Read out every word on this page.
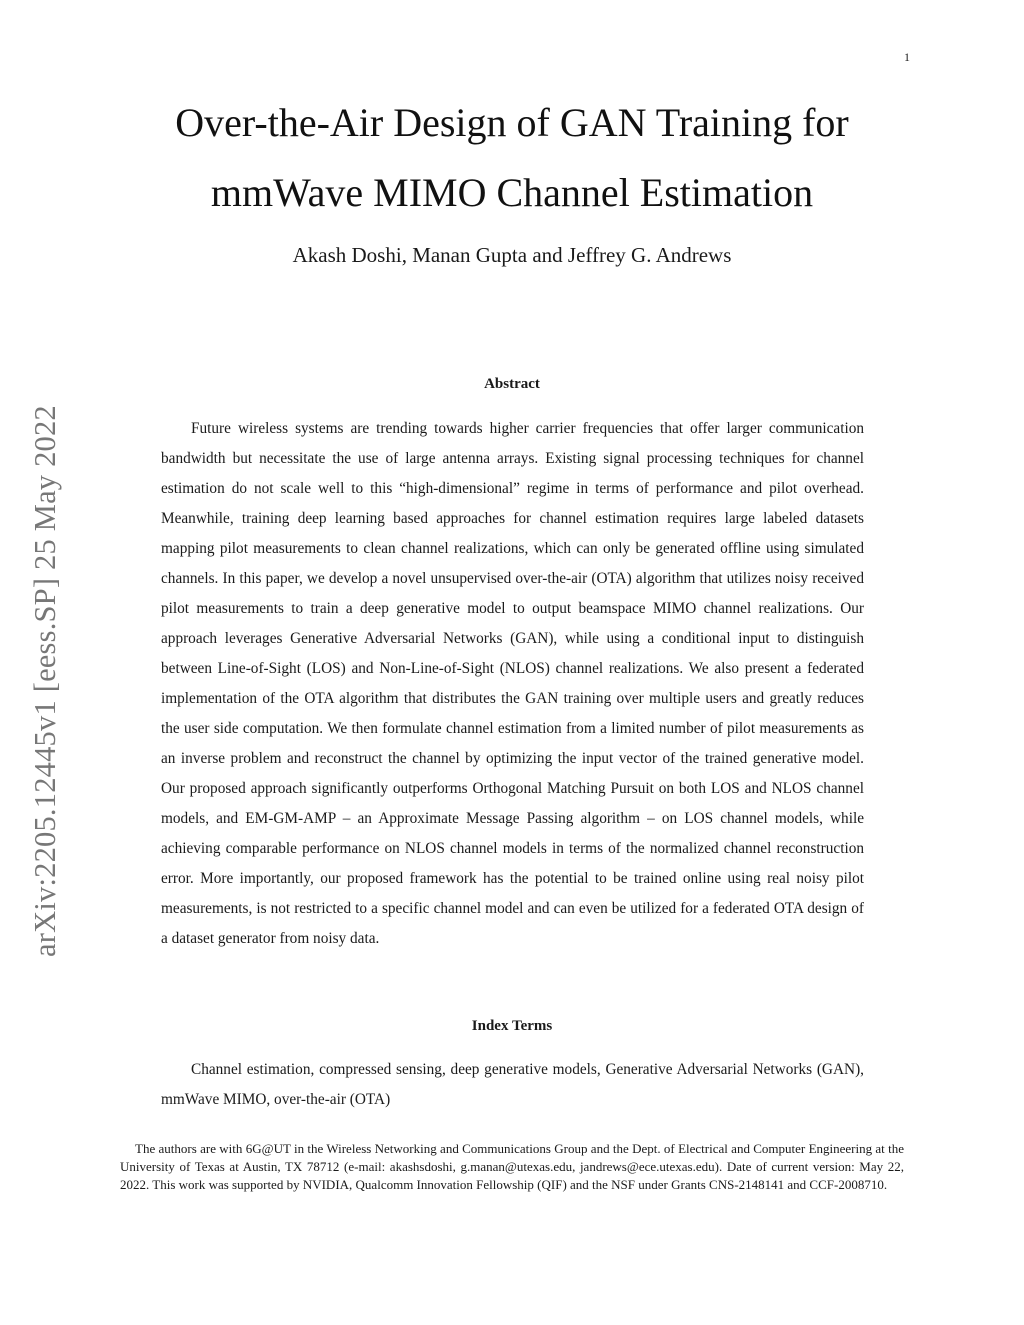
1
arXiv:2205.12445v1 [eess.SP] 25 May 2022
Over-the-Air Design of GAN Training for
mmWave MIMO Channel Estimation
Akash Doshi, Manan Gupta and Jeffrey G. Andrews
Abstract

Future wireless systems are trending towards higher carrier frequencies that offer larger communication bandwidth but necessitate the use of large antenna arrays. Existing signal processing techniques for channel estimation do not scale well to this “high-dimensional” regime in terms of performance and pilot overhead. Meanwhile, training deep learning based approaches for channel estimation requires large labeled datasets mapping pilot measurements to clean channel realizations, which can only be generated offline using simulated channels. In this paper, we develop a novel unsupervised over-the-air (OTA) algorithm that utilizes noisy received pilot measurements to train a deep generative model to output beamspace MIMO channel realizations. Our approach leverages Generative Adversarial Networks (GAN), while using a conditional input to distinguish between Line-of-Sight (LOS) and Non-Line-of-Sight (NLOS) channel realizations. We also present a federated implementation of the OTA algorithm that distributes the GAN training over multiple users and greatly reduces the user side computation. We then formulate channel estimation from a limited number of pilot measurements as an inverse problem and reconstruct the channel by optimizing the input vector of the trained generative model. Our proposed approach significantly outperforms Orthogonal Matching Pursuit on both LOS and NLOS channel models, and EM-GM-AMP – an Approximate Message Passing algorithm – on LOS channel models, while achieving comparable performance on NLOS channel models in terms of the normalized channel reconstruction error. More importantly, our proposed framework has the potential to be trained online using real noisy pilot measurements, is not restricted to a specific channel model and can even be utilized for a federated OTA design of a dataset generator from noisy data.

Index Terms

Channel estimation, compressed sensing, deep generative models, Generative Adversarial Networks (GAN), mmWave MIMO, over-the-air (OTA)

The authors are with 6G@UT in the Wireless Networking and Communications Group and the Dept. of Electrical and Computer Engineering at the University of Texas at Austin, TX 78712 (e-mail: akashsdoshi, g.manan@utexas.edu, jandrews@ece.utexas.edu). Date of current version: May 22, 2022. This work was supported by NVIDIA, Qualcomm Innovation Fellowship (QIF) and the NSF under Grants CNS-2148141 and CCF-2008710.
